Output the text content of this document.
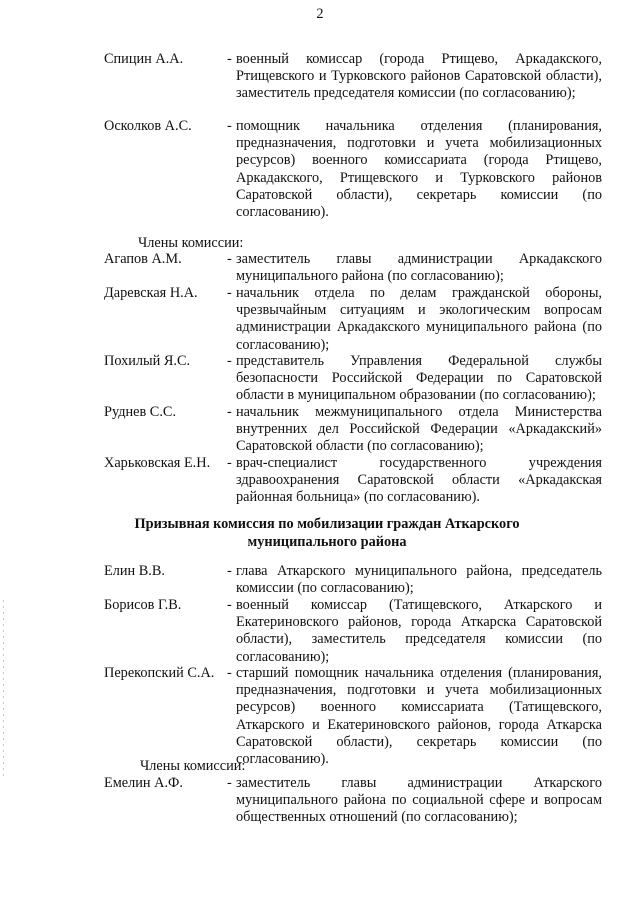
2
Спицин А.А.	- военный комиссар (города Ртищево, Аркадакского, Ртищевского и Турковского районов Саратовской области), заместитель председателя комиссии (по согласованию);
Осколков А.С. - помощник начальника отделения (планирования, предназначения, подготовки и учета мобилизационных ресурсов) военного комиссариата (города Ртищево, Аркадакского, Ртищевского и Турковского районов Саратовской области), секретарь комиссии (по согласованию).
Члены комиссии:
Агапов А.М.	- заместитель главы администрации Аркадакского муниципального района (по согласованию);
Даревская Н.А. - начальник отдела по делам гражданской обороны, чрезвычайным ситуациям и экологическим вопросам администрации Аркадакского муниципального района (по согласованию);
Похилый Я.С.	- представитель Управления Федеральной службы безопасности Российской Федерации по Саратовской области в муниципальном образовании (по согласованию);
Руднев С.С.	- начальник межмуниципального отдела Министерства внутренних дел Российской Федерации «Аркадакский» Саратовской области (по согласованию);
Харьковская Е.Н. - врач-специалист государственного учреждения здравоохранения Саратовской области «Аркадакская районная больница» (по согласованию).
Призывная комиссия по мобилизации граждан Аткарского
муниципального района
Елин В.В.	- глава Аткарского муниципального района, председатель комиссии (по согласованию);
Борисов Г.В.	- военный комиссар (Татищевского, Аткарского и Екатериновского районов, города Аткарска Саратовской области), заместитель председателя комиссии (по согласованию);
Перекопский С.А. - старший помощник начальника отделения (планирования, предназначения, подготовки и учета мобилизационных ресурсов) военного комиссариата (Татищевского, Аткарского и Екатериновского районов, города Аткарска Саратовской области), секретарь комиссии (по согласованию).
Члены комиссии:
Емелин А.Ф.	- заместитель главы администрации Аткарского муниципального района по социальной сфере и вопросам общественных отношений (по согласованию);
